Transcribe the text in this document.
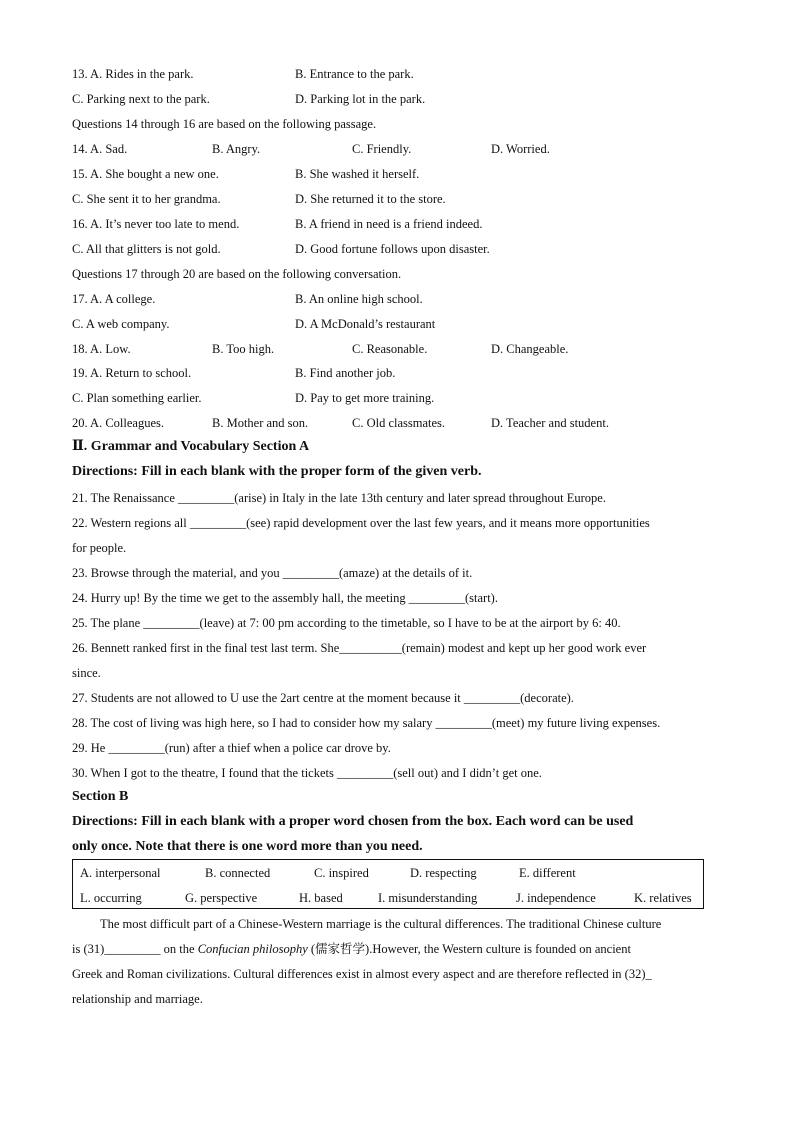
13. A. Rides in the park.	B. Entrance to the park.
C. Parking next to the park.	D. Parking lot in the park.
Questions 14 through 16 are based on the following passage.
14. A. Sad.	B. Angry.	C. Friendly.	D. Worried.
15. A. She bought a new one.	B. She washed it herself.
C. She sent it to her grandma.	D. She returned it to the store.
16. A. It’s never too late to mend.	B. A friend in need is a friend indeed.
C. All that glitters is not gold.	D. Good fortune follows upon disaster.
Questions 17 through 20 are based on the following conversation.
17. A. A college.	B. An online high school.
C. A web company.	D. A McDonald’s restaurant
18. A. Low.	B. Too high.	C. Reasonable.	D. Changeable.
19. A. Return to school.	B. Find another job.
C. Plan something earlier.	D. Pay to get more training.
20. A. Colleagues.	B. Mother and son.	C. Old classmates.	D. Teacher and student.
Ⅱ. Grammar and Vocabulary Section A
Directions: Fill in each blank with the proper form of the given verb.
21. The Renaissance _________(arise) in Italy in the late 13th century and later spread throughout Europe.
22. Western regions all _________(see) rapid development over the last few years, and it means more opportunities
for people.
23. Browse through the material, and you _________(amaze) at the details of it.
24. Hurry up! By the time we get to the assembly hall, the meeting _________(start).
25. The plane _________(leave) at 7: 00 pm according to the timetable, so I have to be at the airport by 6: 40.
26. Bennett ranked first in the final test last term. She__________(remain) modest and kept up her good work ever
since.
27. Students are not allowed to U use the 2art centre at the moment because it _________(decorate).
28. The cost of living was high here, so I had to consider how my salary _________(meet) my future living expenses.
29. He _________(run) after a thief when a police car drove by.
30. When I got to the theatre, I found that the tickets _________(sell out) and I didn’t get one.
Section B
Directions: Fill in each blank with a proper word chosen from the box. Each word can be used
only once. Note that there is one word more than you need.
A. interpersonal	B. connected	C. inspired	D. respecting	E. different
L. occurring	G. perspective	H. based	I. misunderstanding	J. independence	K. relatives
The most difficult part of a Chinese-Western marriage is the cultural differences. The traditional Chinese culture
is (31)_________ on the Confucian philosophy (儒家哲学).However, the Western culture is founded on ancient
Greek and Roman civilizations. Cultural differences exist in almost every aspect and are therefore reflected in (32)_
relationship and marriage.
